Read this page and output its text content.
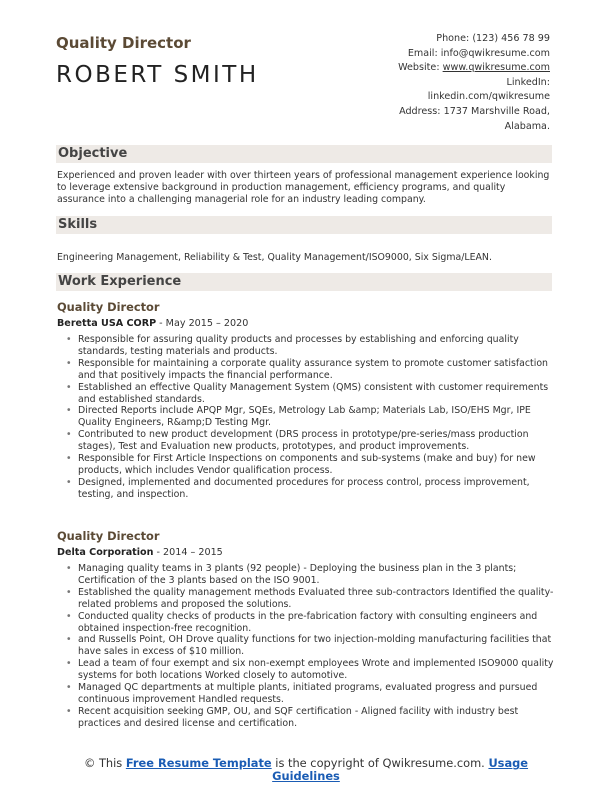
Quality Director
ROBERT SMITH
Phone: (123) 456 78 99
Email: info@qwikresume.com
Website: www.qwikresume.com
LinkedIn:
linkedin.com/qwikresume
Address: 1737 Marshville Road,
Alabama.
Objective
Experienced and proven leader with over thirteen years of professional management experience looking to leverage extensive background in production management, efficiency programs, and quality assurance into a challenging managerial role for an industry leading company.
Skills
Engineering Management, Reliability & Test, Quality Management/ISO9000, Six Sigma/LEAN.
Work Experience
Quality Director
Beretta USA CORP - May 2015 – 2020
• Responsible for assuring quality products and processes by establishing and enforcing quality standards, testing materials and products.
• Responsible for maintaining a corporate quality assurance system to promote customer satisfaction and that positively impacts the financial performance.
• Established an effective Quality Management System (QMS) consistent with customer requirements and established standards.
• Directed Reports include APQP Mgr, SQEs, Metrology Lab &amp; Materials Lab, ISO/EHS Mgr, IPE Quality Engineers, R&amp;D Testing Mgr.
• Contributed to new product development (DRS process in prototype/pre-series/mass production stages), Test and Evaluation new products, prototypes, and product improvements.
• Responsible for First Article Inspections on components and sub-systems (make and buy) for new products, which includes Vendor qualification process.
• Designed, implemented and documented procedures for process control, process improvement, testing, and inspection.
Quality Director
Delta Corporation - 2014 – 2015
• Managing quality teams in 3 plants (92 people) - Deploying the business plan in the 3 plants; Certification of the 3 plants based on the ISO 9001.
• Established the quality management methods Evaluated three sub-contractors Identified the quality-related problems and proposed the solutions.
• Conducted quality checks of products in the pre-fabrication factory with consulting engineers and obtained inspection-free recognition.
• and Russells Point, OH Drove quality functions for two injection-molding manufacturing facilities that have sales in excess of $10 million.
• Lead a team of four exempt and six non-exempt employees Wrote and implemented ISO9000 quality systems for both locations Worked closely to automotive.
• Managed QC departments at multiple plants, initiated programs, evaluated progress and pursued continuous improvement Handled requests.
• Recent acquisition seeking GMP, OU, and SQF certification - Aligned facility with industry best practices and desired license and certification.
© This Free Resume Template is the copyright of Qwikresume.com. Usage Guidelines
